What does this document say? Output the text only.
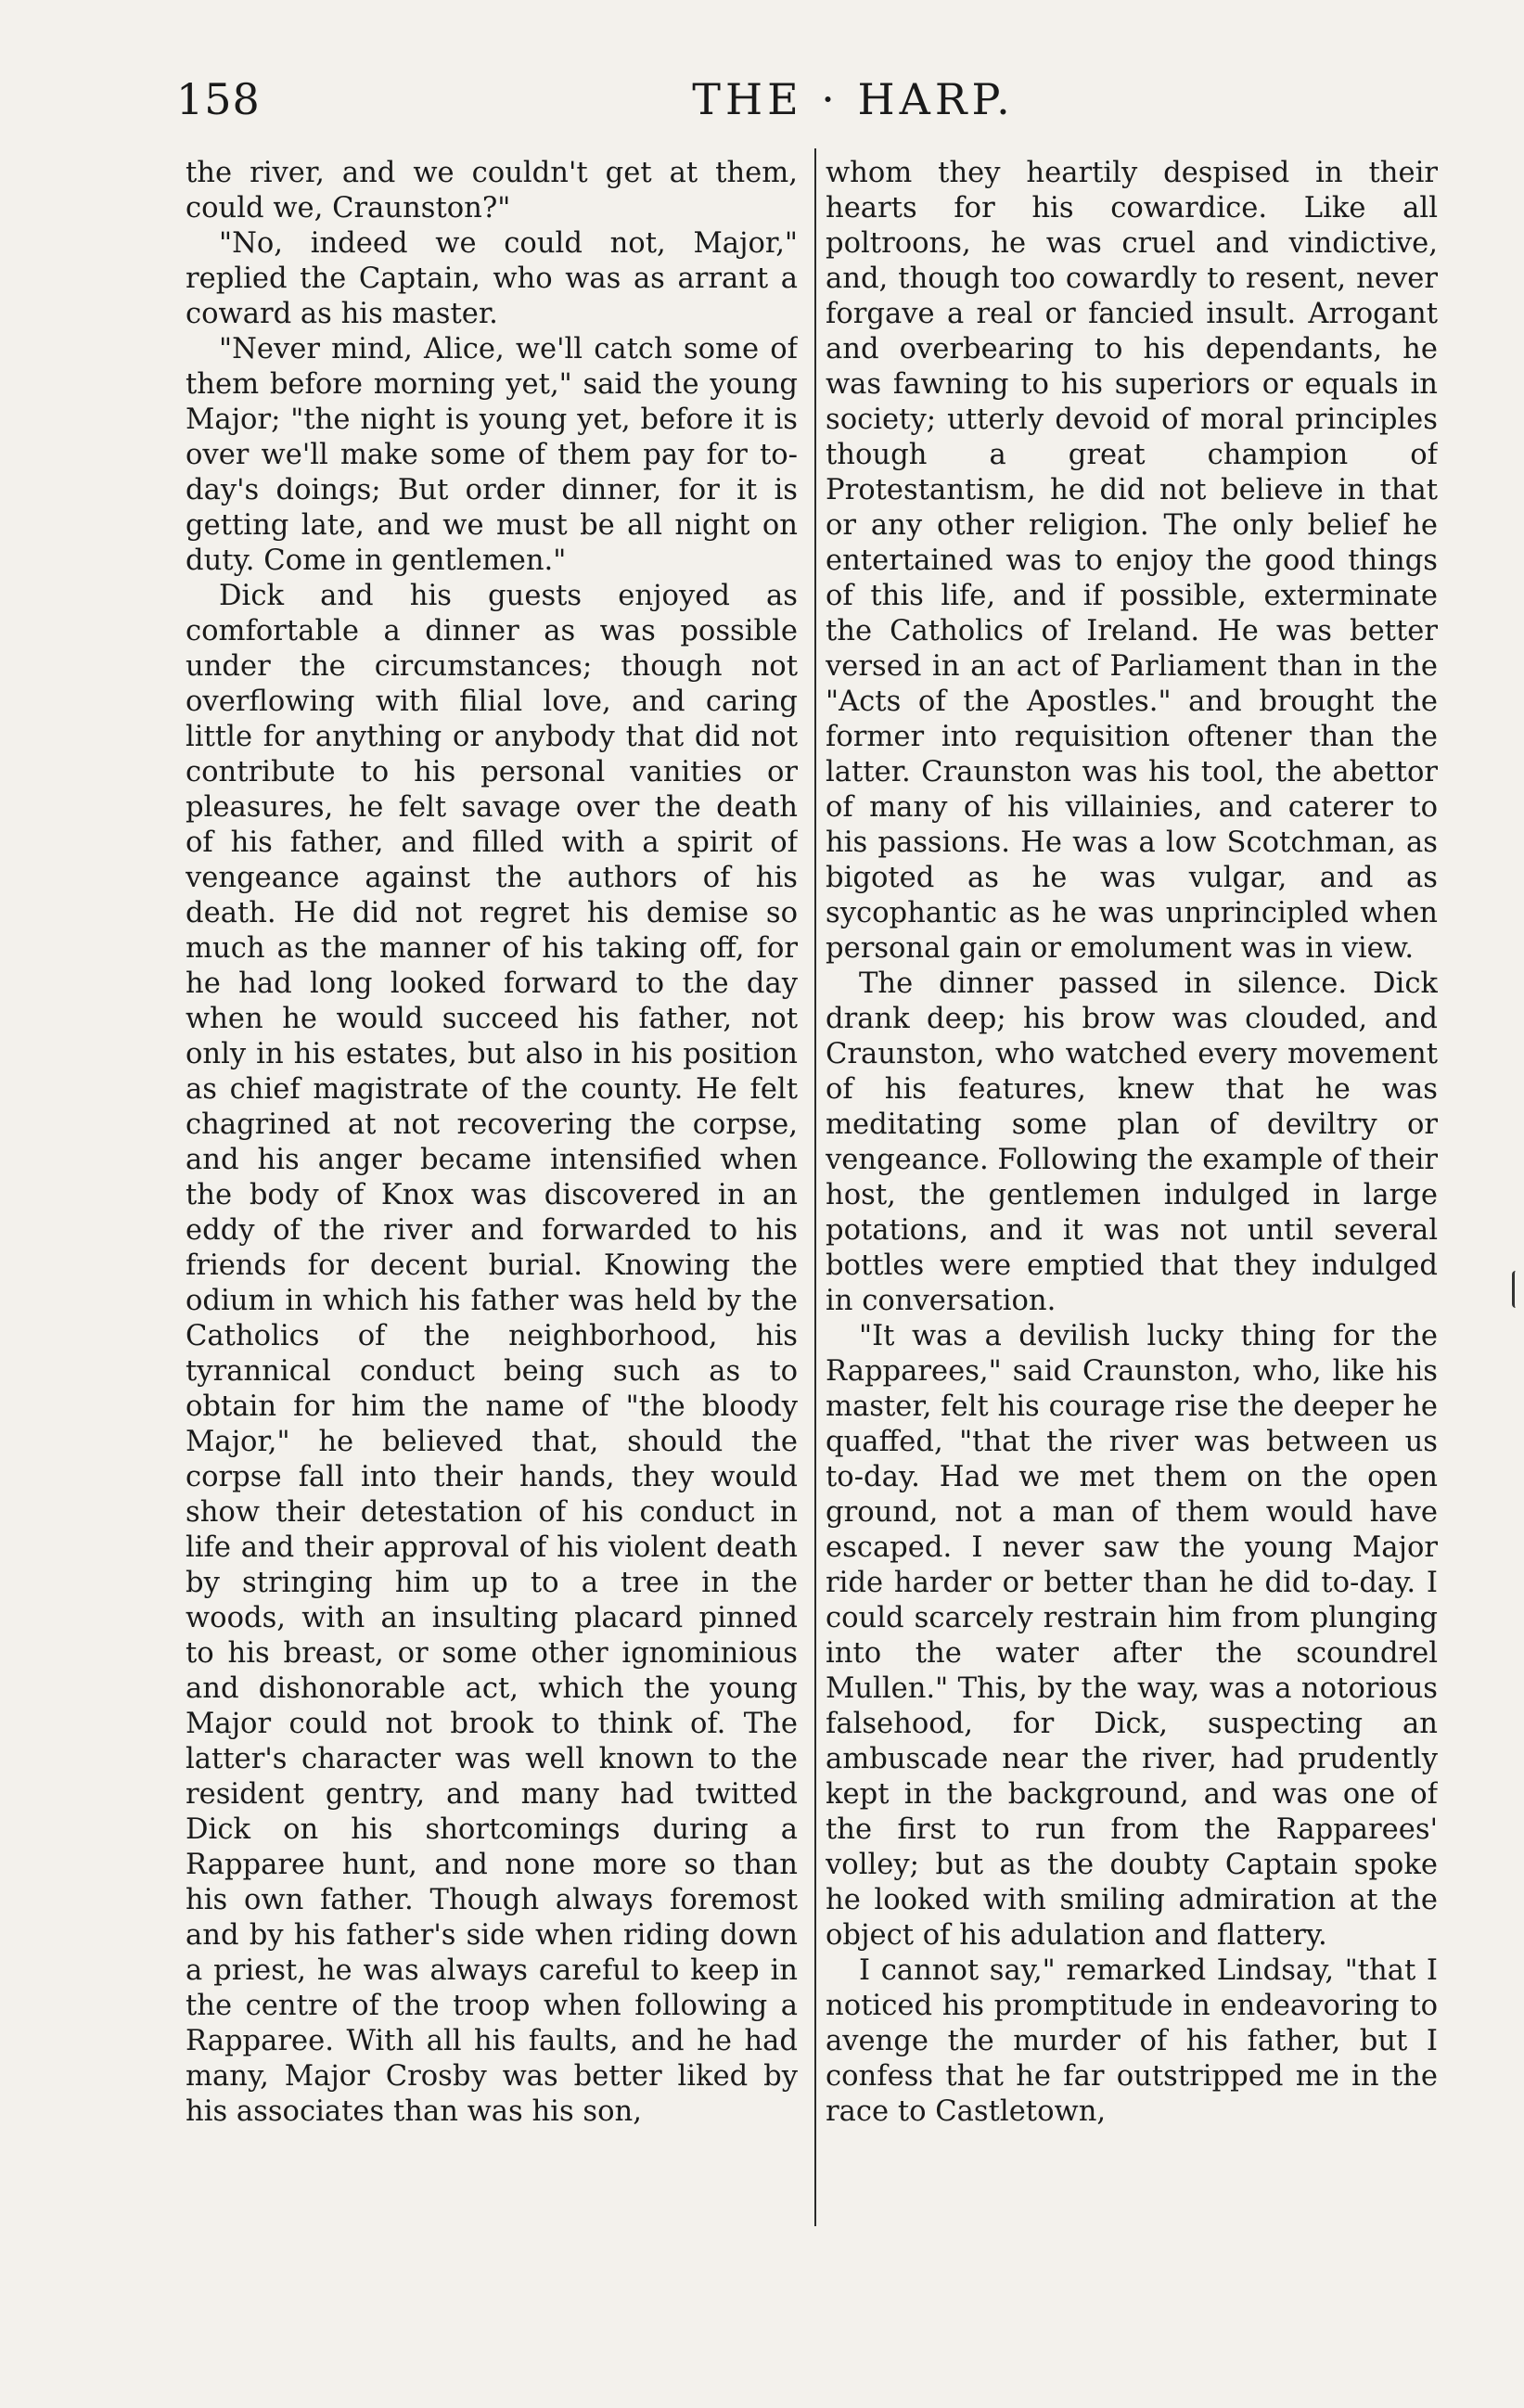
158	THE · HARP.

the river, and we couldn't get at them, could we, Craunston?"

"No, indeed we could not, Major," replied the Captain, who was as arrant a coward as his master.

"Never mind, Alice, we'll catch some of them before morning yet," said the young Major; "the night is young yet, before it is over we'll make some of them pay for to-day's doings; But order dinner, for it is getting late, and we must be all night on duty. Come in gentlemen."

Dick and his guests enjoyed as comfortable a dinner as was possible under the circumstances; though not overflowing with filial love, and caring little for anything or anybody that did not contribute to his personal vanities or pleasures, he felt savage over the death of his father, and filled with a spirit of vengeance against the authors of his death. He did not regret his demise so much as the manner of his taking off, for he had long looked forward to the day when he would succeed his father, not only in his estates, but also in his position as chief magistrate of the county. He felt chagrined at not recovering the corpse, and his anger became intensified when the body of Knox was discovered in an eddy of the river and forwarded to his friends for decent burial. Knowing the odium in which his father was held by the Catholics of the neighborhood, his tyrannical conduct being such as to obtain for him the name of "the bloody Major," he believed that, should the corpse fall into their hands, they would show their detestation of his conduct in life and their approval of his violent death by stringing him up to a tree in the woods, with an insulting placard pinned to his breast, or some other ignominious and dishonorable act, which the young Major could not brook to think of. The latter's character was well known to the resident gentry, and many had twitted Dick on his shortcomings during a Rapparee hunt, and none more so than his own father. Though always foremost and by his father's side when riding down a priest, he was always careful to keep in the centre of the troop when following a Rapparee. With all his faults, and he had many, Major Crosby was better liked by his associates than was his son,

whom they heartily despised in their hearts for his cowardice. Like all poltroons, he was cruel and vindictive, and, though too cowardly to resent, never forgave a real or fancied insult. Arrogant and overbearing to his dependants, he was fawning to his superiors or equals in society; utterly devoid of moral principles though a great champion of Protestantism, he did not believe in that or any other religion. The only belief he entertained was to enjoy the good things of this life, and if possible, exterminate the Catholics of Ireland. He was better versed in an act of Parliament than in the "Acts of the Apostles." and brought the former into requisition oftener than the latter. Craunston was his tool, the abettor of many of his villainies, and caterer to his passions. He was a low Scotchman, as bigoted as he was vulgar, and as sycophantic as he was unprincipled when personal gain or emolument was in view.

The dinner passed in silence. Dick drank deep; his brow was clouded, and Craunston, who watched every movement of his features, knew that he was meditating some plan of deviltry or vengeance. Following the example of their host, the gentlemen indulged in large potations, and it was not until several bottles were emptied that they indulged in conversation.

"It was a devilish lucky thing for the Rapparees," said Craunston, who, like his master, felt his courage rise the deeper he quaffed, "that the river was between us to-day. Had we met them on the open ground, not a man of them would have escaped. I never saw the young Major ride harder or better than he did to-day. I could scarcely restrain him from plunging into the water after the scoundrel Mullen." This, by the way, was a notorious falsehood, for Dick, suspecting an ambuscade near the river, had prudently kept in the background, and was one of the first to run from the Rapparees' volley; but as the doubty Captain spoke he looked with smiling admiration at the object of his adulation and flattery.

I cannot say," remarked Lindsay, "that I noticed his promptitude in endeavoring to avenge the murder of his father, but I confess that he far outstripped me in the race to Castletown,
